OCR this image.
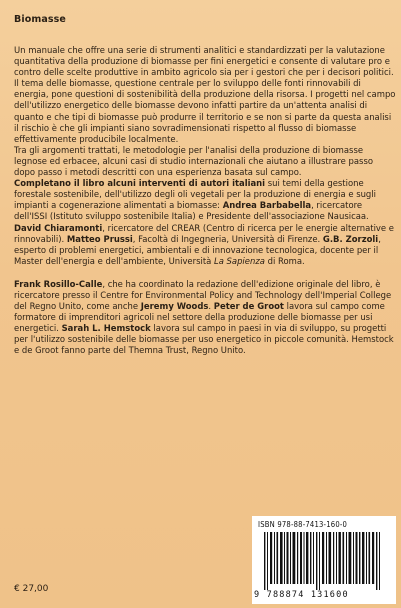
Biomasse

Un manuale che offre una serie di strumenti analitici e standardizzati per la valutazione quantitativa della produzione di biomasse per fini energetici e consente di valutare pro e contro delle scelte produttive in ambito agricolo sia per i gestori che per i decisori politici.

Il tema delle biomasse, questione centrale per lo sviluppo delle fonti rinnovabili di energia, pone questioni di sostenibilità della produzione della risorsa. I progetti nel campo dell'utilizzo energetico delle biomasse devono infatti partire da un'attenta analisi di quanto e che tipi di biomasse può produrre il territorio e se non si parte da questa analisi il rischio è che gli impianti siano sovradimensionati rispetto al flusso di biomasse effettivamente producibile localmente.

Tra gli argomenti trattati, le metodologie per l'analisi della produzione di biomasse legnose ed erbacee, alcuni casi di studio internazionali che aiutano a illustrare passo dopo passo i metodi descritti con una esperienza basata sul campo.

Completano il libro alcuni interventi di autori italiani sui temi della gestione forestale sostenibile, dell'utilizzo degli oli vegetali per la produzione di energia e sugli impianti a cogenerazione alimentati a biomasse: Andrea Barbabella, ricercatore dell'ISSI (Istituto sviluppo sostenibile Italia) e Presidente dell'associazione Nausicaa. David Chiaramonti, ricercatore del CREAR (Centro di ricerca per le energie alternative e rinnovabili). Matteo Prussi, Facoltà di Ingegneria, Università di Firenze. G.B. Zorzoli, esperto di problemi energetici, ambientali e di innovazione tecnologica, docente per il Master dell'energia e dell'ambiente, Università La Sapienza di Roma.

Frank Rosillo-Calle, che ha coordinato la redazione dell'edizione originale del libro, è ricercatore presso il Centre for Environmental Policy and Technology dell'Imperial College del Regno Unito, come anche Jeremy Woods. Peter de Groot lavora sul campo come formatore di imprenditori agricoli nel settore della produzione delle biomasse per usi energetici. Sarah L. Hemstock lavora sul campo in paesi in via di sviluppo, su progetti per l'utilizzo sostenibile delle biomasse per uso energetico in piccole comunità. Hemstock e de Groot fanno parte del Themna Trust, Regno Unito.

ISBN 978-88-7413-160-0
9 788874 131600
€ 27,00
